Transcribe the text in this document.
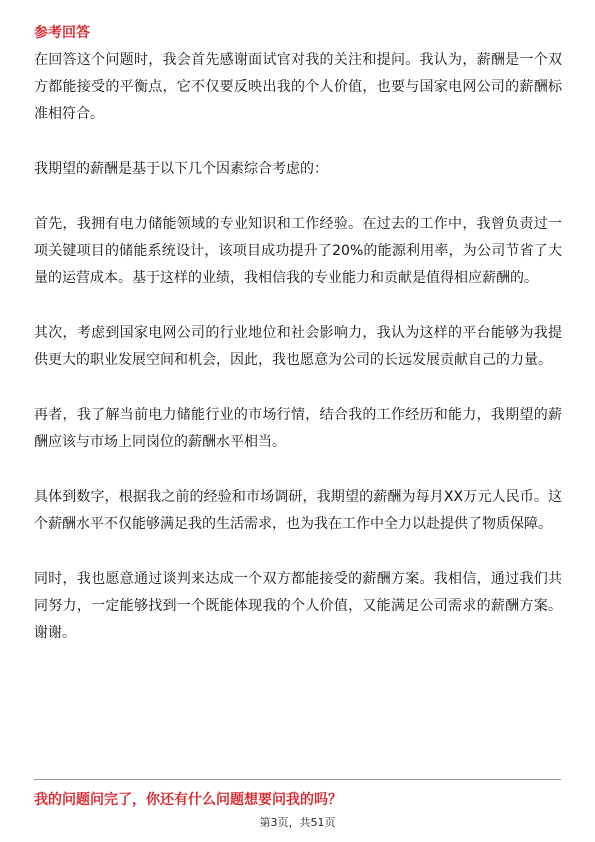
参考回答

在回答这个问题时，我会首先感谢面试官对我的关注和提问。我认为，薪酬是一个双方都能接受的平衡点，它不仅要反映出我的个人价值，也要与国家电网公司的薪酬标准相符合。

我期望的薪酬是基于以下几个因素综合考虑的：

首先，我拥有电力储能领域的专业知识和工作经验。在过去的工作中，我曾负责过一项关键项目的储能系统设计，该项目成功提升了20%的能源利用率，为公司节省了大量的运营成本。基于这样的业绩，我相信我的专业能力和贡献是值得相应薪酬的。

其次，考虑到国家电网公司的行业地位和社会影响力，我认为这样的平台能够为我提供更大的职业发展空间和机会，因此，我也愿意为公司的长远发展贡献自己的力量。

再者，我了解当前电力储能行业的市场行情，结合我的工作经历和能力，我期望的薪酬应该与市场上同岗位的薪酬水平相当。

具体到数字，根据我之前的经验和市场调研，我期望的薪酬为每月XX万元人民币。这个薪酬水平不仅能够满足我的生活需求，也为我在工作中全力以赴提供了物质保障。

同时，我也愿意通过谈判来达成一个双方都能接受的薪酬方案。我相信，通过我们共同努力，一定能够找到一个既能体现我的个人价值，又能满足公司需求的薪酬方案。谢谢。

我的问题问完了，你还有什么问题想要问我的吗？
第3页，共51页
